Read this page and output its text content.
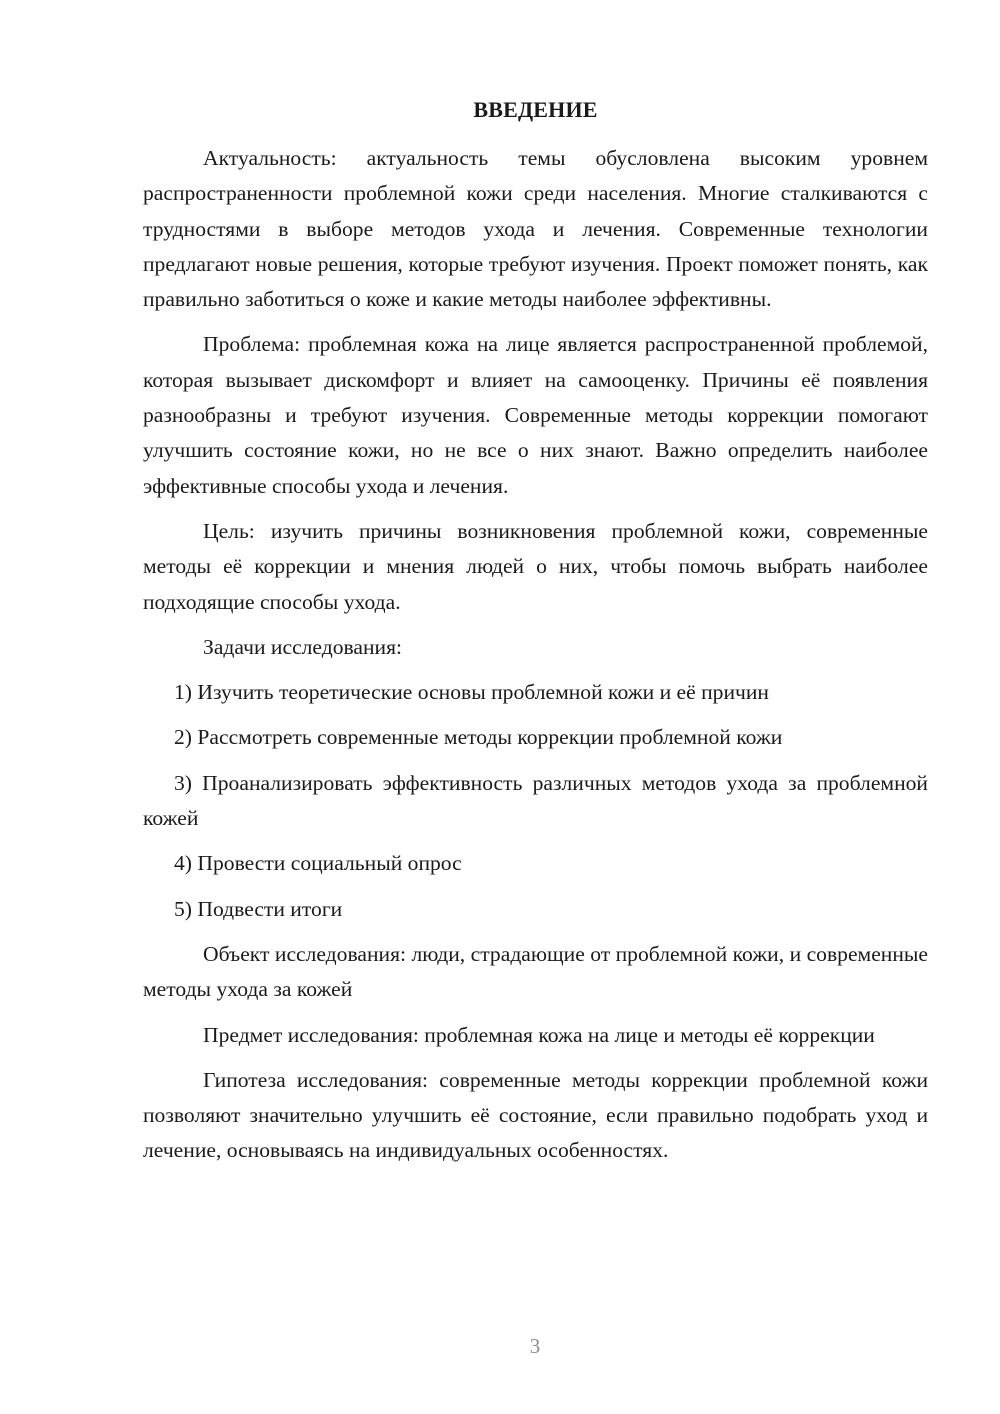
ВВЕДЕНИЕ

Актуальность: актуальность темы обусловлена высоким уровнем распространенности проблемной кожи среди населения. Многие сталкиваются с трудностями в выборе методов ухода и лечения. Современные технологии предлагают новые решения, которые требуют изучения. Проект поможет понять, как правильно заботиться о коже и какие методы наиболее эффективны.

Проблема: проблемная кожа на лице является распространенной проблемой, которая вызывает дискомфорт и влияет на самооценку. Причины её появления разнообразны и требуют изучения. Современные методы коррекции помогают улучшить состояние кожи, но не все о них знают. Важно определить наиболее эффективные способы ухода и лечения.

Цель: изучить причины возникновения проблемной кожи, современные методы её коррекции и мнения людей о них, чтобы помочь выбрать наиболее подходящие способы ухода.

Задачи исследования:

1) Изучить теоретические основы проблемной кожи и её причин

2) Рассмотреть современные методы коррекции проблемной кожи

3) Проанализировать эффективность различных методов ухода за проблемной кожей

4) Провести социальный опрос

5) Подвести итоги

Объект исследования: люди, страдающие от проблемной кожи, и современные методы ухода за кожей

Предмет исследования: проблемная кожа на лице и методы её коррекции

Гипотеза исследования: современные методы коррекции проблемной кожи позволяют значительно улучшить её состояние, если правильно подобрать уход и лечение, основываясь на индивидуальных особенностях.

3
